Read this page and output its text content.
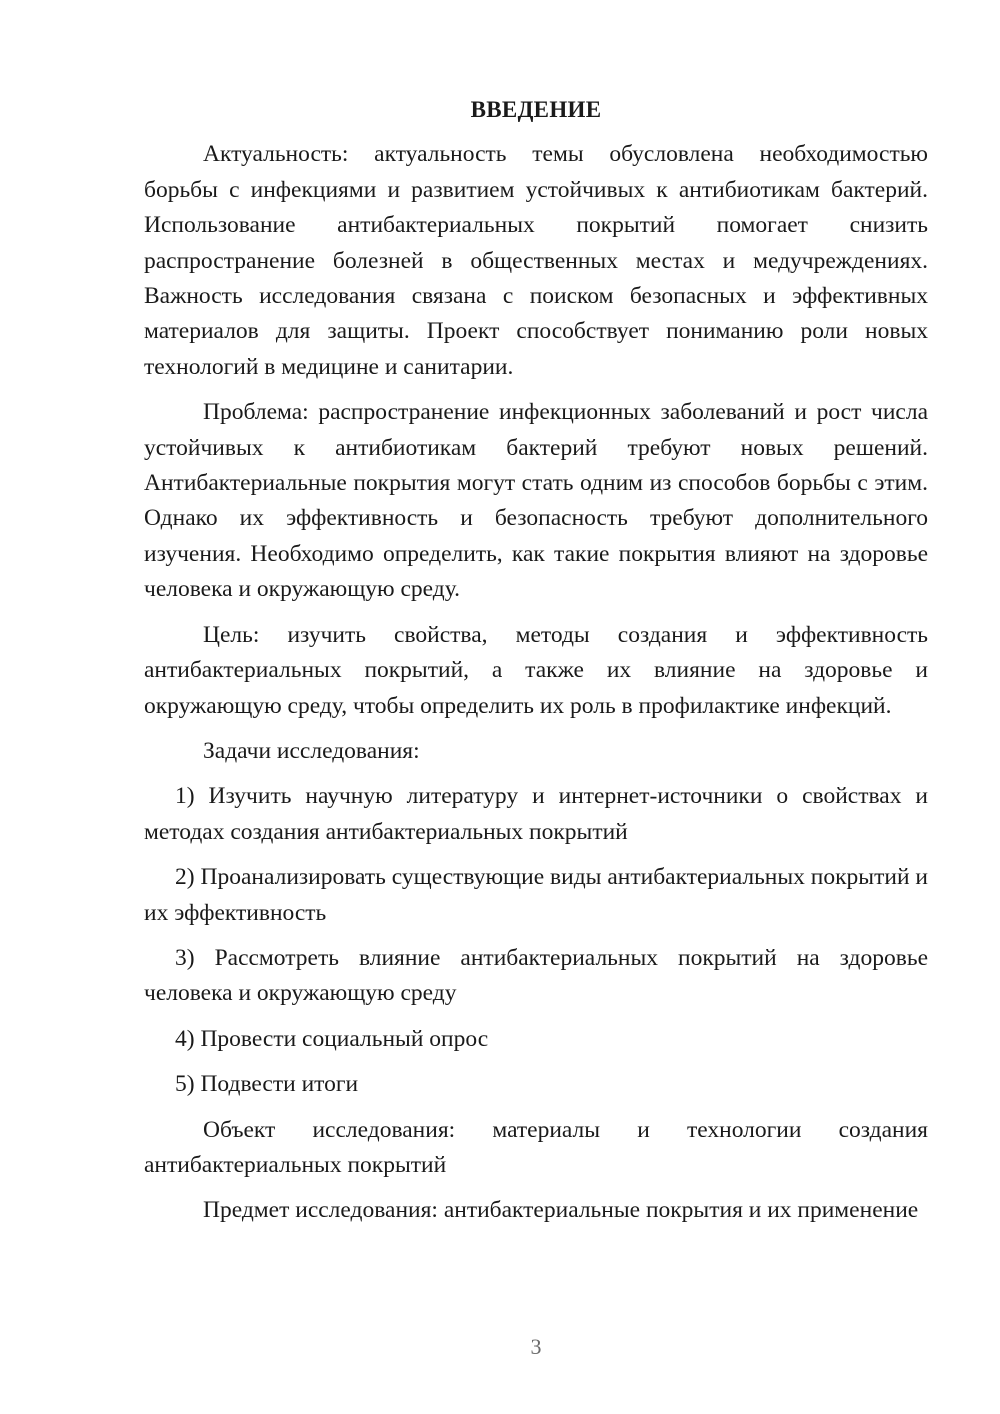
ВВЕДЕНИЕ

Актуальность: актуальность темы обусловлена необходимостью борьбы с инфекциями и развитием устойчивых к антибиотикам бактерий. Использование антибактериальных покрытий помогает снизить распространение болезней в общественных местах и медучреждениях. Важность исследования связана с поиском безопасных и эффективных материалов для защиты. Проект способствует пониманию роли новых технологий в медицине и санитарии.

Проблема: распространение инфекционных заболеваний и рост числа устойчивых к антибиотикам бактерий требуют новых решений. Антибактериальные покрытия могут стать одним из способов борьбы с этим. Однако их эффективность и безопасность требуют дополнительного изучения. Необходимо определить, как такие покрытия влияют на здоровье человека и окружающую среду.

Цель: изучить свойства, методы создания и эффективность антибактериальных покрытий, а также их влияние на здоровье и окружающую среду, чтобы определить их роль в профилактике инфекций.

Задачи исследования:

1) Изучить научную литературу и интернет-источники о свойствах и методах создания антибактериальных покрытий

2) Проанализировать существующие виды антибактериальных покрытий и их эффективность

3) Рассмотреть влияние антибактериальных покрытий на здоровье человека и окружающую среду

4) Провести социальный опрос

5) Подвести итоги

Объект исследования: материалы и технологии создания антибактериальных покрытий

Предмет исследования: антибактериальные покрытия и их применение

3
